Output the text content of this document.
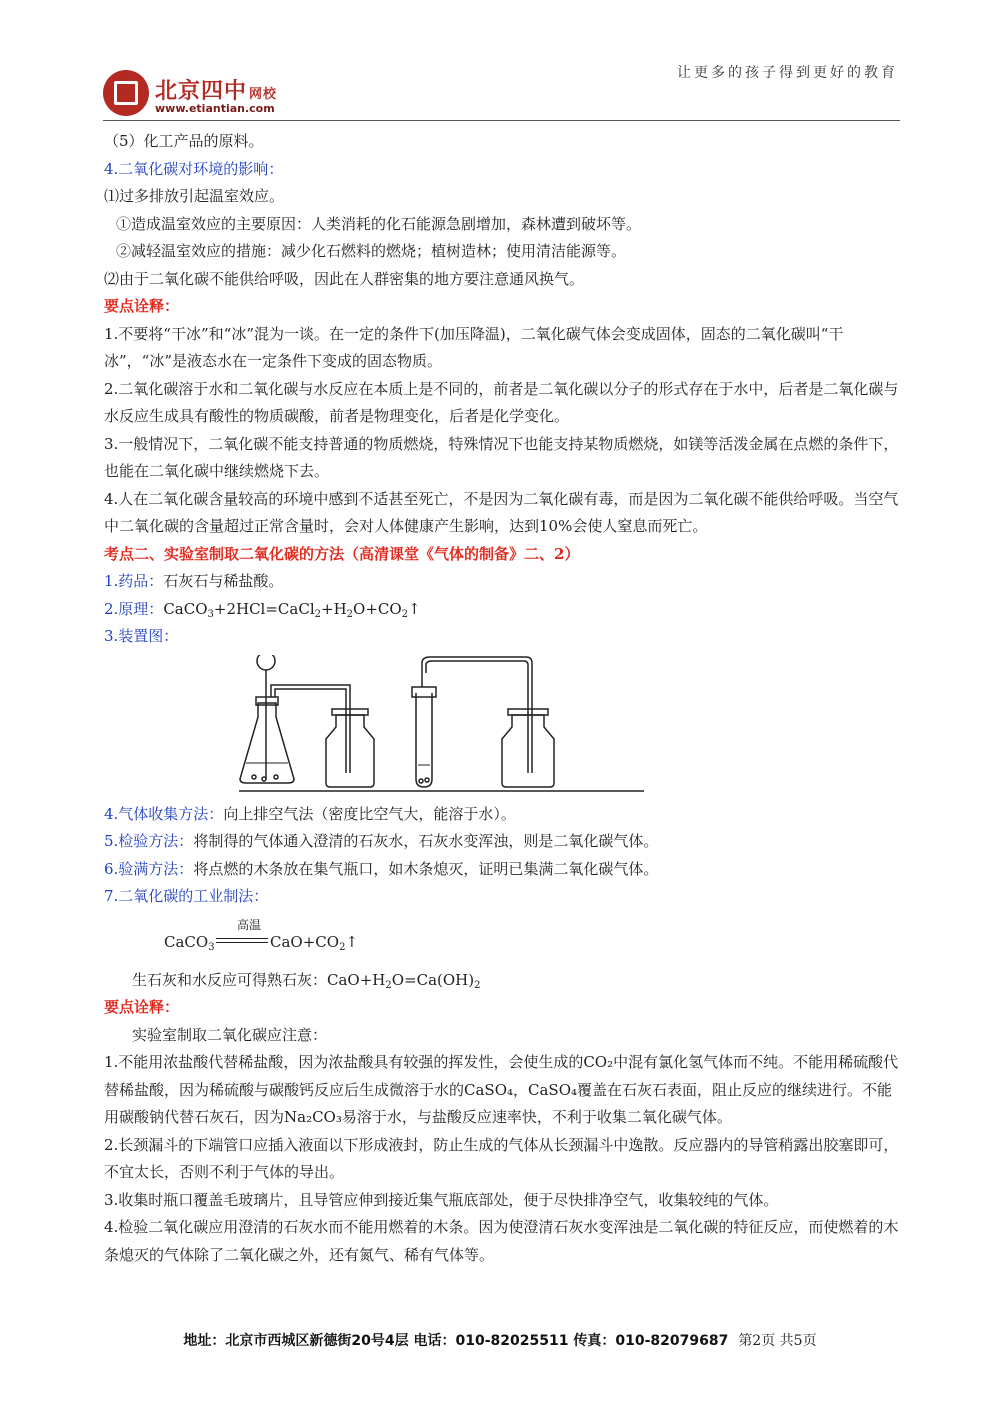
北京四中 网校
www.etiantian.com
让更多的孩子得到更好的教育
（5）化工产品的原料。
4.二氧化碳对环境的影响：
⑴过多排放引起温室效应。
①造成温室效应的主要原因：人类消耗的化石能源急剧增加，森林遭到破坏等。
②减轻温室效应的措施：减少化石燃料的燃烧；植树造林；使用清洁能源等。
⑵由于二氧化碳不能供给呼吸，因此在人群密集的地方要注意通风换气。
要点诠释：
1.不要将“干冰”和“冰”混为一谈。在一定的条件下(加压降温)，二氧化碳气体会变成固体，固态的二氧化碳叫“干冰”，“冰”是液态水在一定条件下变成的固态物质。
2.二氧化碳溶于水和二氧化碳与水反应在本质上是不同的，前者是二氧化碳以分子的形式存在于水中，后者是二氧化碳与水反应生成具有酸性的物质碳酸，前者是物理变化，后者是化学变化。
3.一般情况下，二氧化碳不能支持普通的物质燃烧，特殊情况下也能支持某物质燃烧，如镁等活泼金属在点燃的条件下，也能在二氧化碳中继续燃烧下去。
4.人在二氧化碳含量较高的环境中感到不适甚至死亡，不是因为二氧化碳有毒，而是因为二氧化碳不能供给呼吸。当空气中二氧化碳的含量超过正常含量时，会对人体健康产生影响，达到10%会使人窒息而死亡。
考点二、实验室制取二氧化碳的方法（高清课堂《气体的制备》二、2）
1.药品：石灰石与稀盐酸。
2.原理：$CaCO_3+2HCl=CaCl_2+H_2O+CO_2↑$
3.装置图：
4.气体收集方法：向上排空气法（密度比空气大，能溶于水）。
5.检验方法：将制得的气体通入澄清的石灰水，石灰水变浑浊，则是二氧化碳气体。
6.验满方法：将点燃的木条放在集气瓶口，如木条熄灭，证明已集满二氧化碳气体。
7.二氧化碳的工业制法：
CaCO$_3$
高温
$CaO+CO_2↑$
生石灰和水反应可得熟石灰：$CaO+H_2O=Ca(OH)_2$
要点诠释：
实验室制取二氧化碳应注意：
1.不能用浓盐酸代替稀盐酸，因为浓盐酸具有较强的挥发性，会使生成的CO₂中混有氯化氢气体而不纯。不能用稀硫酸代替稀盐酸，因为稀硫酸与碳酸钙反应后生成微溶于水的CaSO₄，CaSO₄覆盖在石灰石表面，阻止反应的继续进行。不能用碳酸钠代替石灰石，因为Na₂CO₃易溶于水，与盐酸反应速率快，不利于收集二氧化碳气体。
2.长颈漏斗的下端管口应插入液面以下形成液封，防止生成的气体从长颈漏斗中逸散。反应器内的导管稍露出胶塞即可，不宜太长，否则不利于气体的导出。
3.收集时瓶口覆盖毛玻璃片，且导管应伸到接近集气瓶底部处，便于尽快排净空气，收集较纯的气体。
4.检验二氧化碳应用澄清的石灰水而不能用燃着的木条。因为使澄清石灰水变浑浊是二氧化碳的特征反应，而使燃着的木条熄灭的气体除了二氧化碳之外，还有氮气、稀有气体等。
地址：北京市西城区新德街20号4层 电话：010-82025511 传真：010-82079687 第2页 共5页
